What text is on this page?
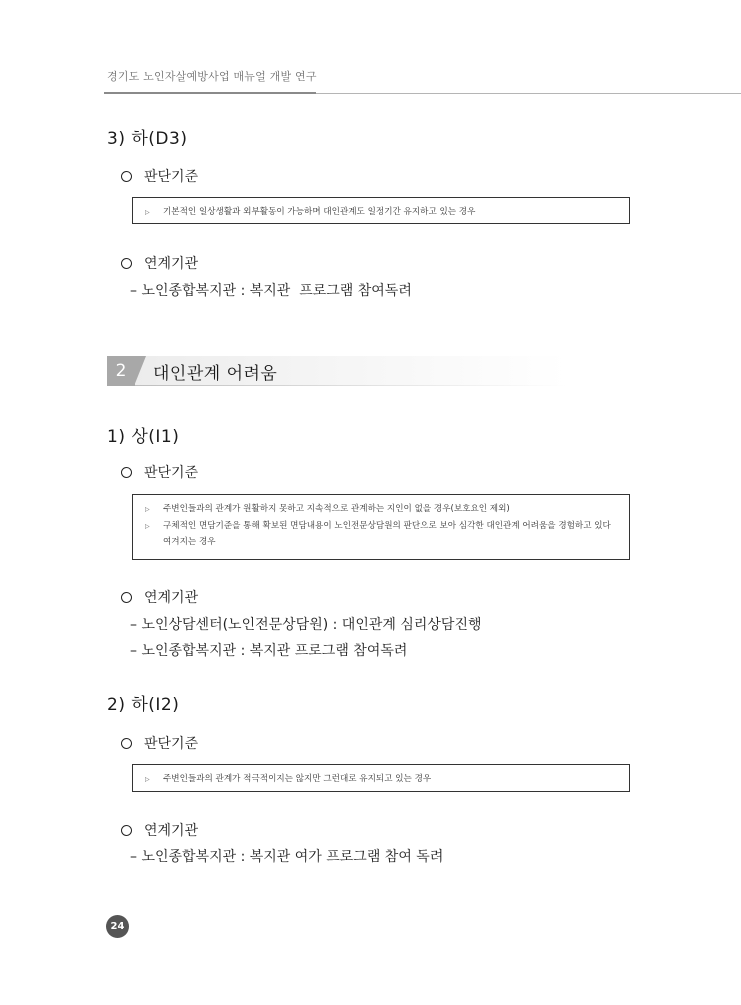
경기도 노인자살예방사업 매뉴얼 개발 연구
3) 하(D3)
판단기준
▷	기본적인 일상생활과 외부활동이 가능하며 대인관계도 일정기간 유지하고 있는 경우
연계기관
– 노인종합복지관 : 복지관  프로그램 참여독려
2	대인관계 어려움
1) 상(I1)
판단기준
▷	주변인들과의 관계가 원활하지 못하고 지속적으로 관계하는 지인이 없을 경우(보호요인 제외)
▷	구체적인 면담기준을 통해 확보된 면담내용이 노인전문상담원의 판단으로 보아 심각한 대인관계 어려움을 경험하고 있다 여겨지는 경우
연계기관
– 노인상담센터(노인전문상담원) : 대인관계 심리상담진행
– 노인종합복지관 : 복지관 프로그램 참여독려
2) 하(I2)
판단기준
▷	주변인들과의 관계가 적극적이지는 않지만 그런대로 유지되고 있는 경우
연계기관
– 노인종합복지관 : 복지관 여가 프로그램 참여 독려
24
